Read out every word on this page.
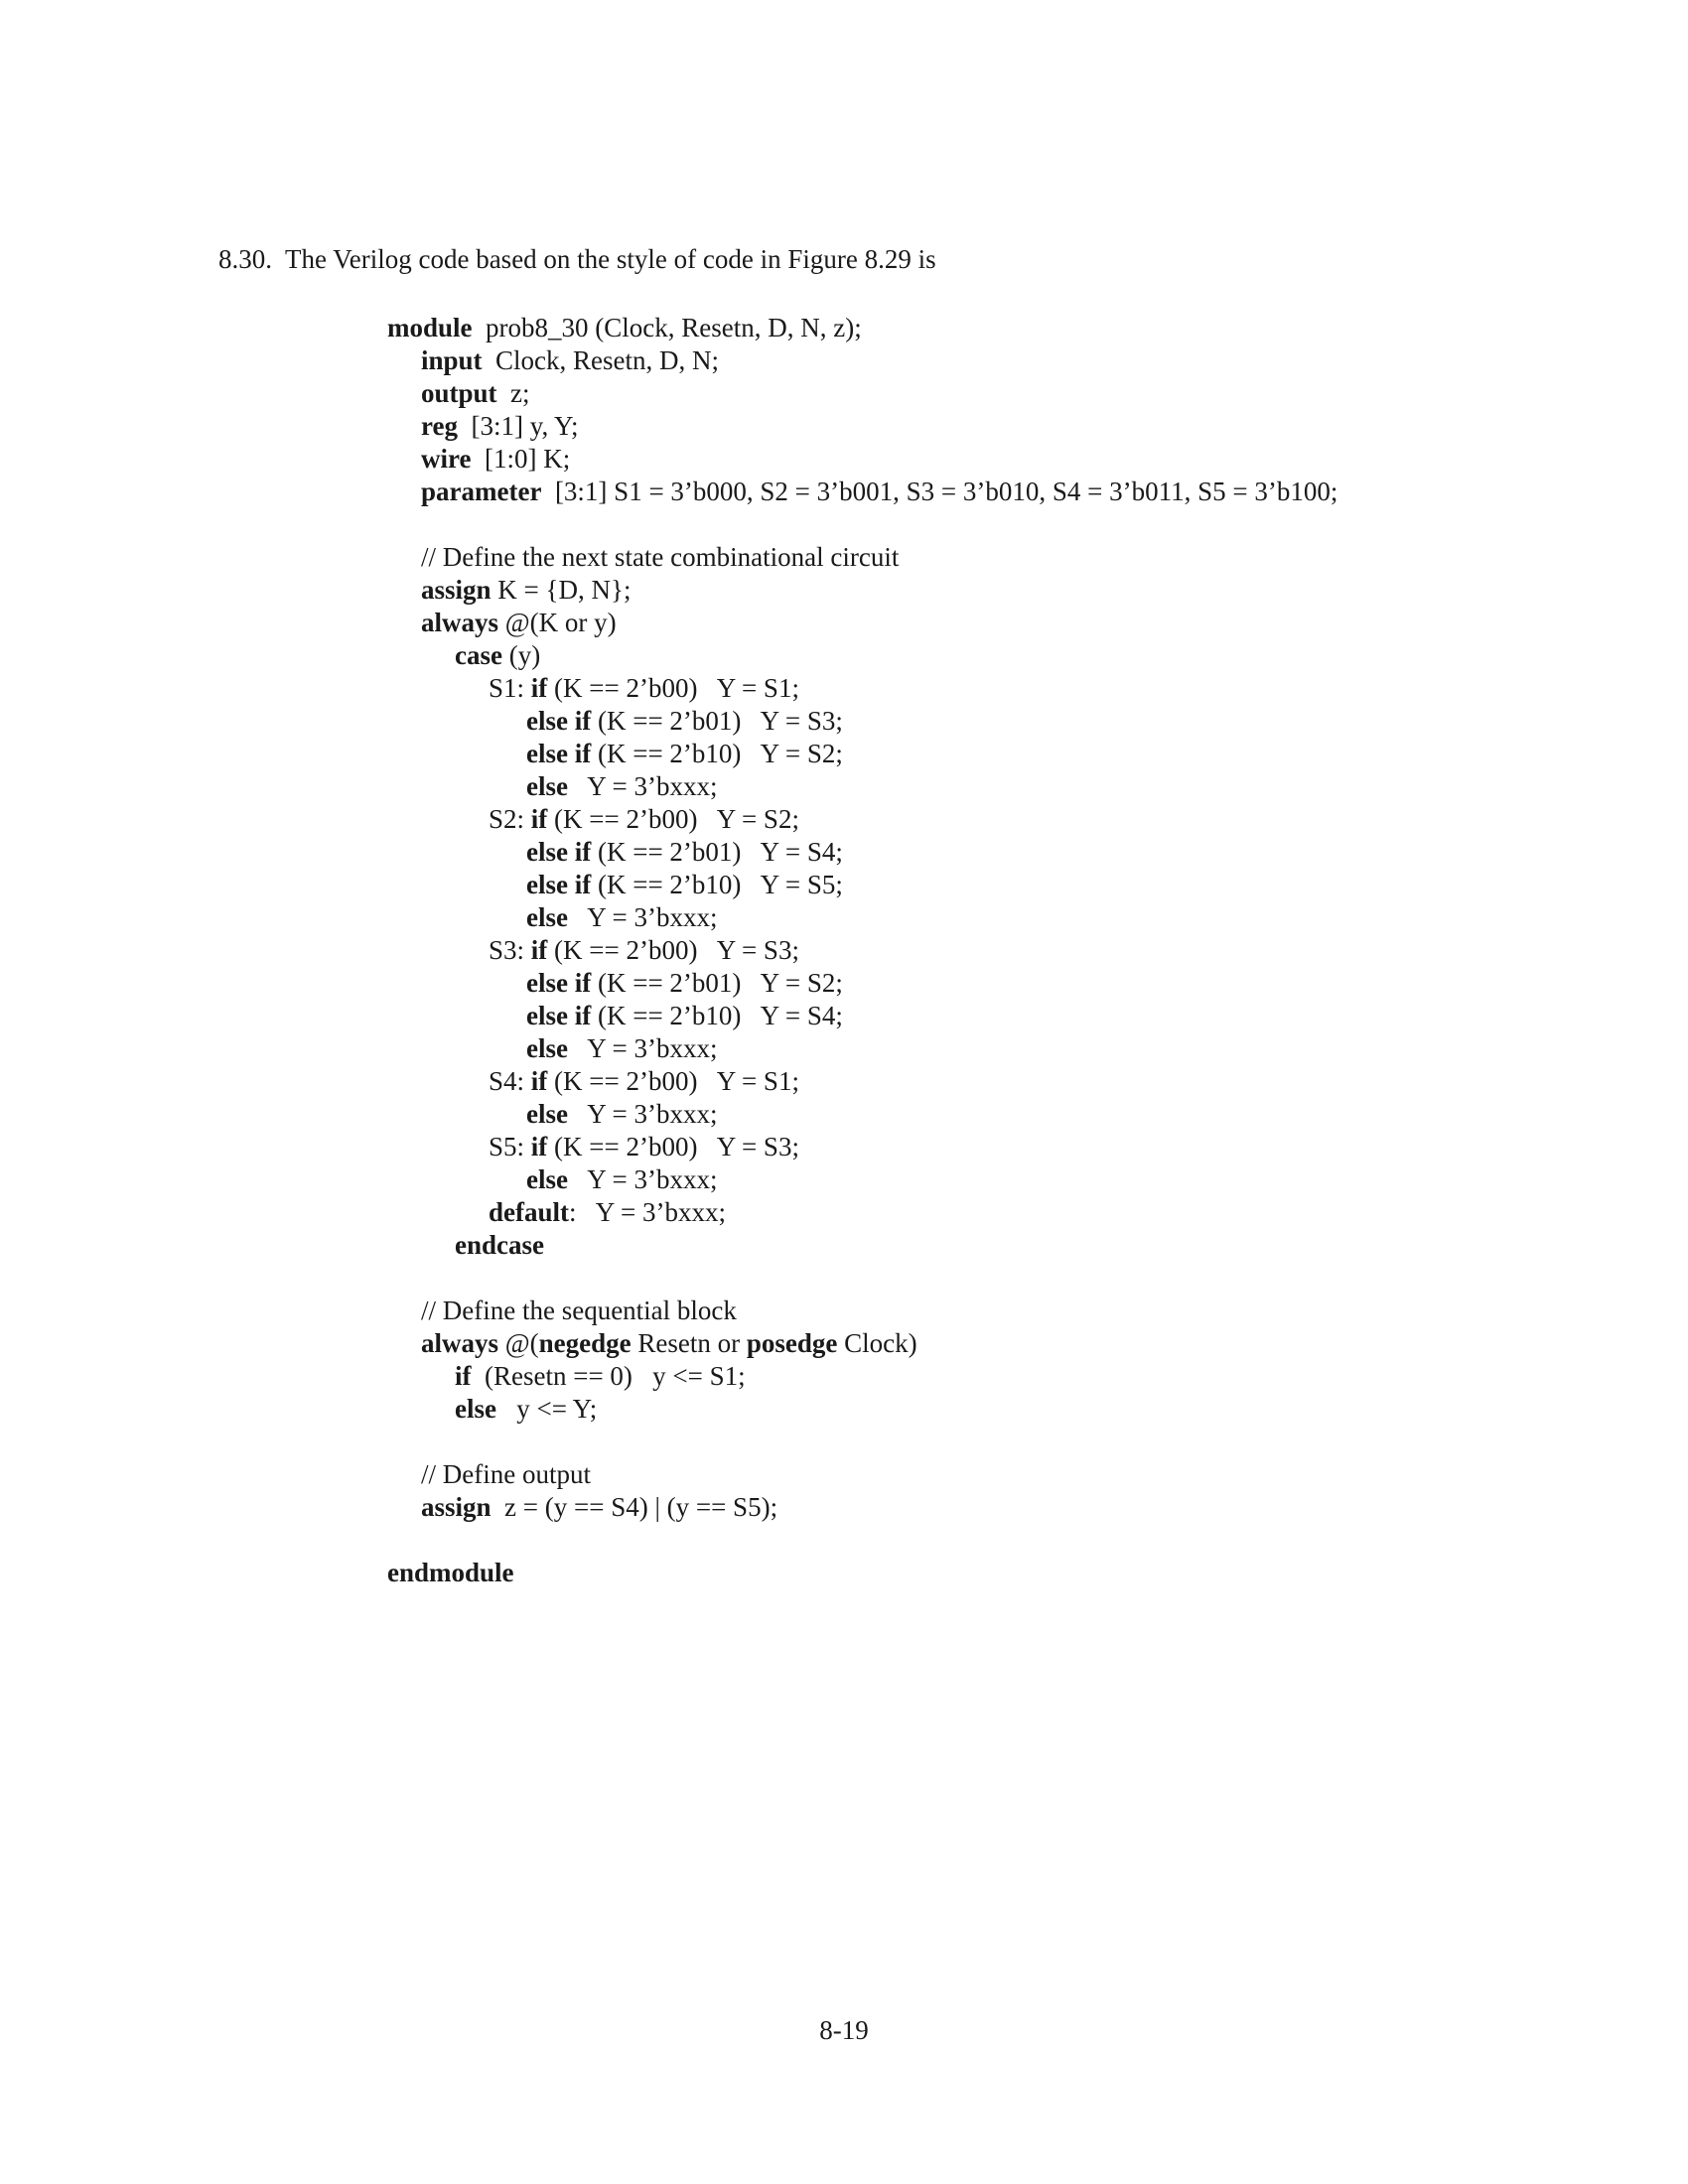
8.30.  The Verilog code based on the style of code in Figure 8.29 is
module  prob8_30 (Clock, Resetn, D, N, z);
input  Clock, Resetn, D, N;
output  z;
reg  [3:1] y, Y;
wire  [1:0] K;
parameter  [3:1] S1 = 3’b000, S2 = 3’b001, S3 = 3’b010, S4 = 3’b011, S5 = 3’b100;
// Define the next state combinational circuit
assign K = {D, N};
always @(K or y)
case (y)
S1: if (K == 2’b00)   Y = S1;
else if (K == 2’b01)   Y = S3;
else if (K == 2’b10)   Y = S2;
else   Y = 3’bxxx;
S2: if (K == 2’b00)   Y = S2;
else if (K == 2’b01)   Y = S4;
else if (K == 2’b10)   Y = S5;
else   Y = 3’bxxx;
S3: if (K == 2’b00)   Y = S3;
else if (K == 2’b01)   Y = S2;
else if (K == 2’b10)   Y = S4;
else   Y = 3’bxxx;
S4: if (K == 2’b00)   Y = S1;
else   Y = 3’bxxx;
S5: if (K == 2’b00)   Y = S3;
else   Y = 3’bxxx;
default:   Y = 3’bxxx;
endcase
// Define the sequential block
always @(negedge Resetn or posedge Clock)
if  (Resetn == 0)   y <= S1;
else   y <= Y;
// Define output
assign  z = (y == S4) | (y == S5);
endmodule
8-19
